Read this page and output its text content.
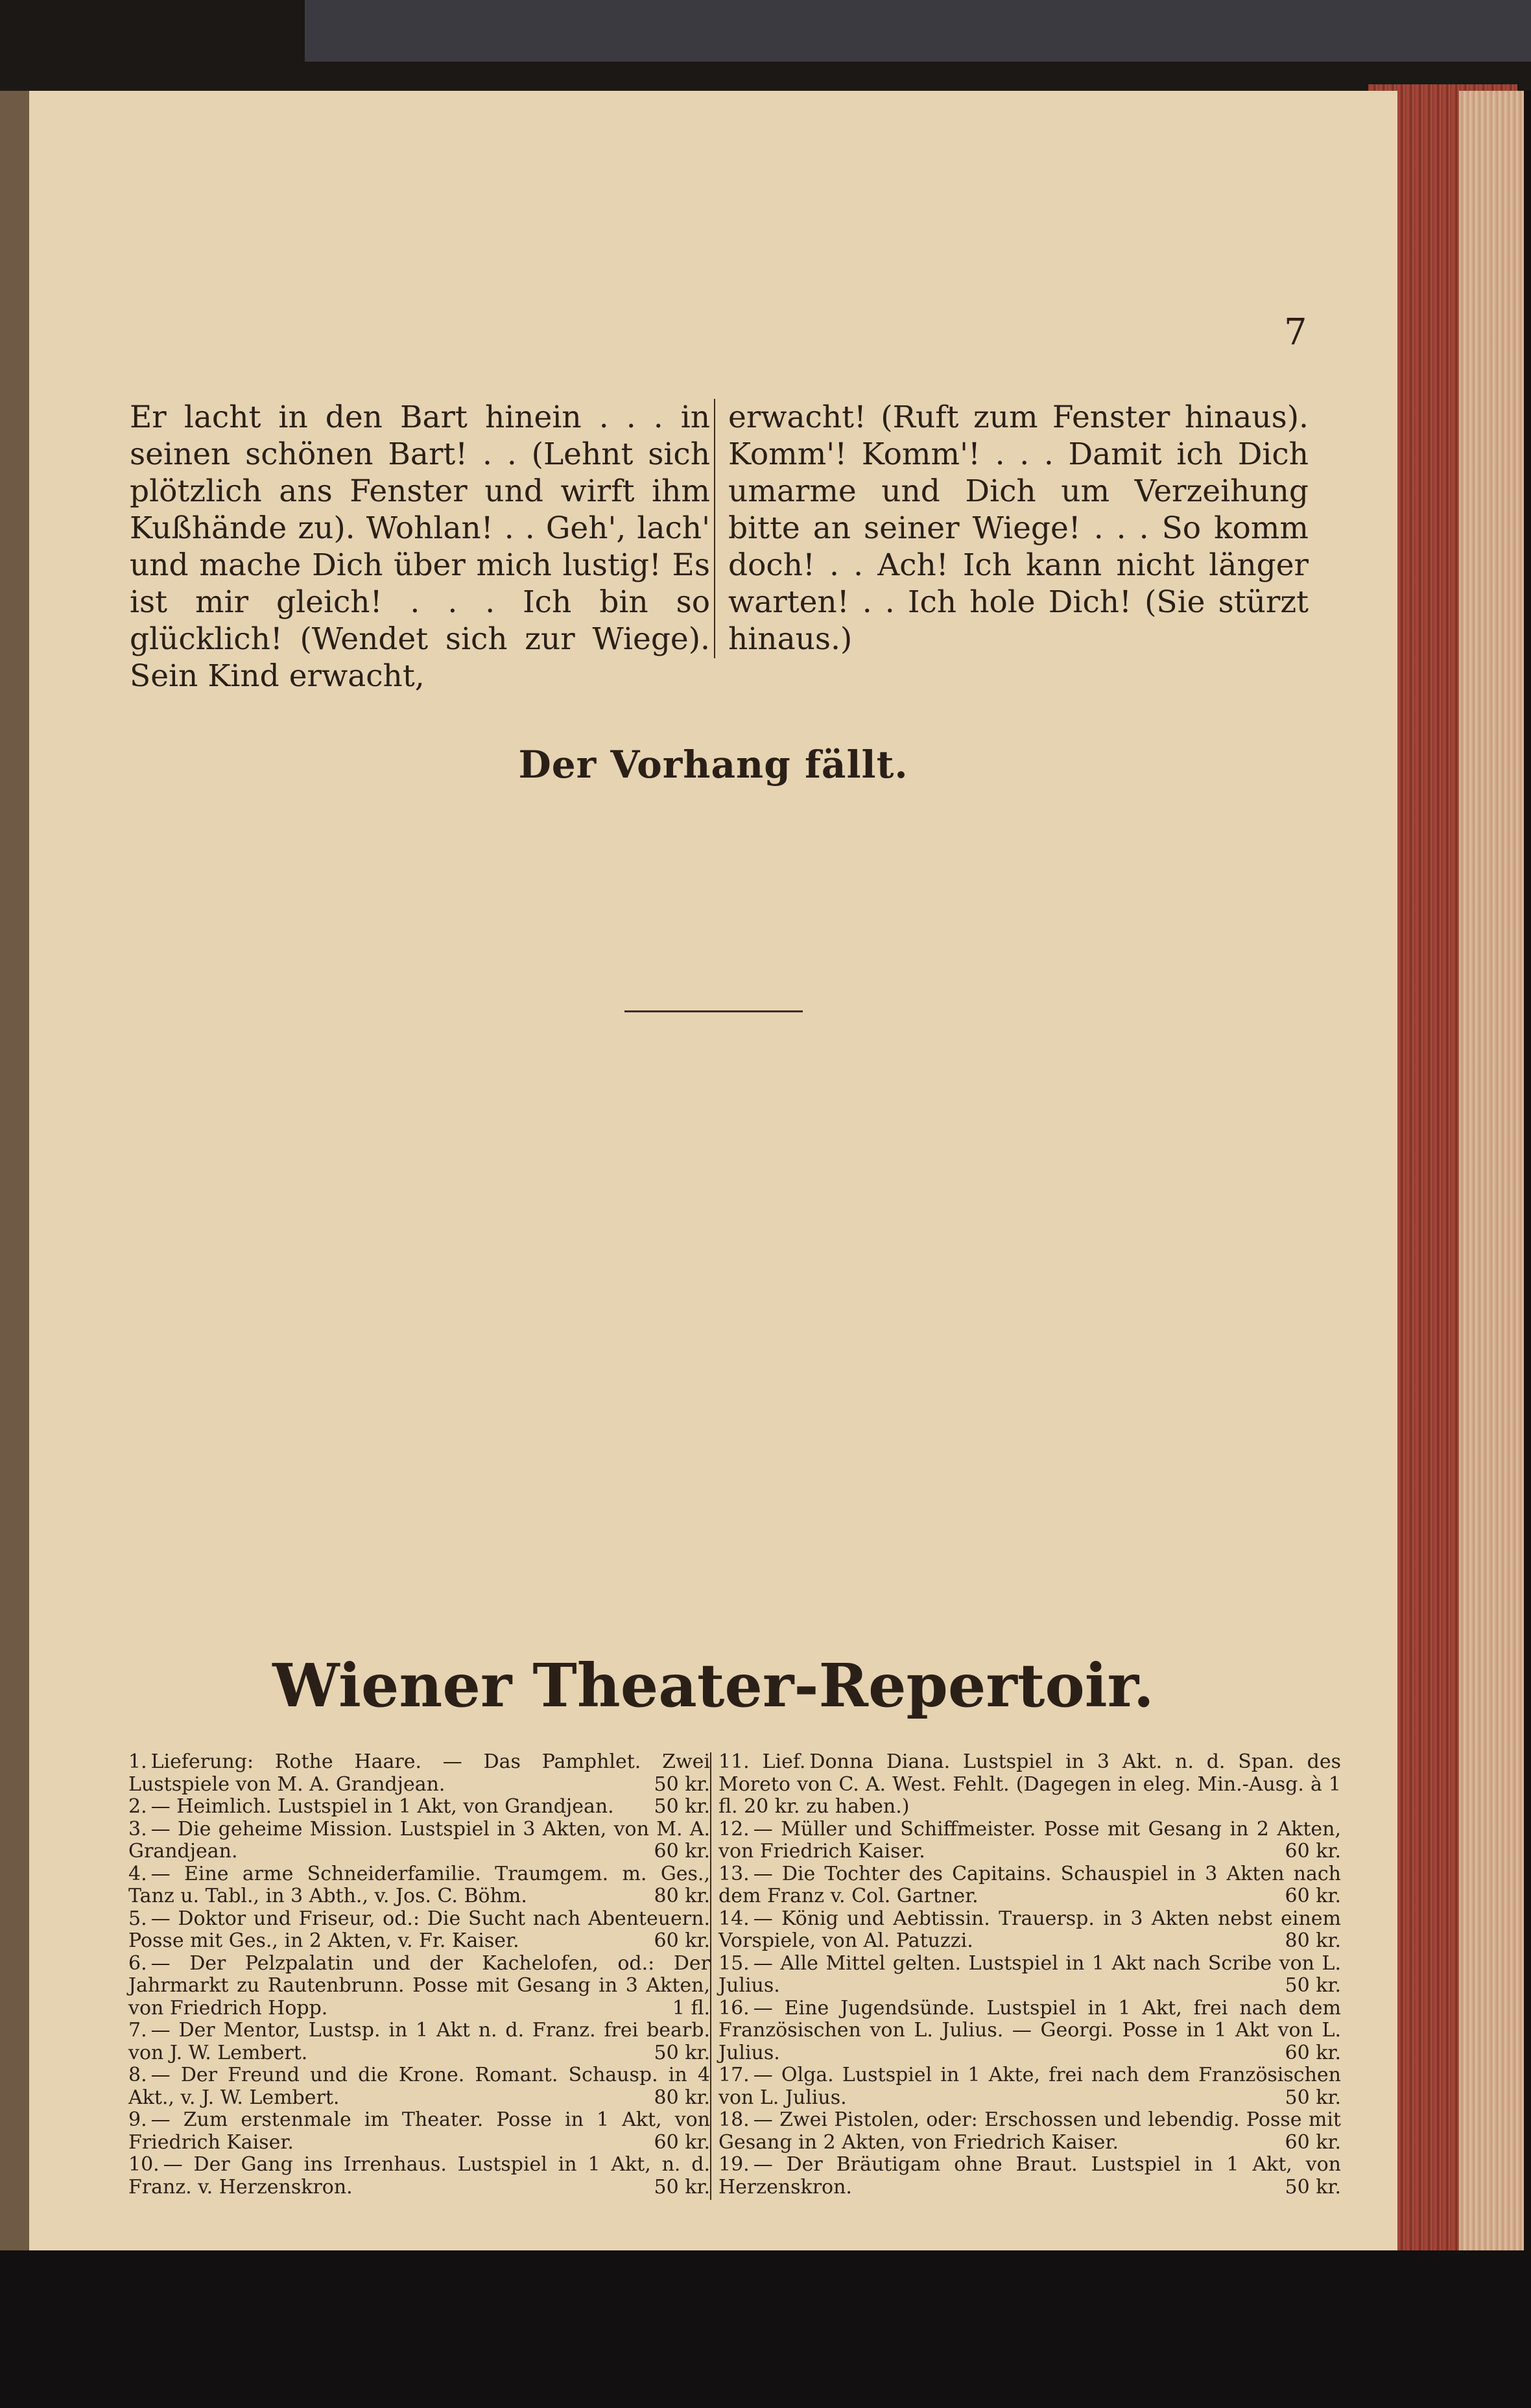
7
Er lacht in den Bart hinein . . . in seinen schönen Bart! . . (Lehnt sich plötzlich ans Fenster und wirft ihm Kußhände zu). Wohlan! . . Geh', lach' und mache Dich über mich lustig! Es ist mir gleich! . . . Ich bin so glücklich! (Wendet sich zur Wiege). Sein Kind erwacht,
erwacht! (Ruft zum Fenster hinaus). Komm'! Komm'! . . . Damit ich Dich umarme und Dich um Verzeihung bitte an seiner Wiege! . . . So komm doch! . . Ach! Ich kann nicht länger warten! . . Ich hole Dich! (Sie stürzt hinaus.)
Der Vorhang fällt.
Wiener Theater-Repertoir.
1. Lieferung: Rothe Haare. — Das Pamphlet. Zwei Lustspiele von M. A. Grandjean.	50 kr.
2. — Heimlich. Lustspiel in 1 Akt, von Grandjean. 50 kr.
3. — Die geheime Mission. Lustspiel in 3 Akten, von M. A. Grandjean.	60 kr.
4. — Eine arme Schneiderfamilie. Traumgem. m. Ges., Tanz u. Tabl., in 3 Abth., v. Jos. C. Böhm.	80 kr.
5. — Doktor und Friseur, od.: Die Sucht nach Abenteuern. Posse mit Ges., in 2 Akten, v. Fr. Kaiser.	60 kr.
6. — Der Pelzpalatin und der Kachelofen, od.: Der Jahrmarkt zu Rautenbrunn. Posse mit Gesang in 3 Akten, von Friedrich Hopp.	1 fl.
7. — Der Mentor, Lustsp. in 1 Akt n. d. Franz. frei bearb. von J. W. Lembert.	50 kr.
8. — Der Freund und die Krone. Romant. Schausp. in 4 Akt., v. J. W. Lembert.	80 kr.
9. — Zum erstenmale im Theater. Posse in 1 Akt, von Friedrich Kaiser.	60 kr.
10. — Der Gang ins Irrenhaus. Lustspiel in 1 Akt, n. d. Franz. v. Herzenskron.	50 kr.
11. Lief. Donna Diana. Lustspiel in 3 Akt. n. d. Span. des Moreto von C. A. West. Fehlt. (Dagegen in eleg. Min.-Ausg. à 1 fl. 20 kr. zu haben.)
12. — Müller und Schiffmeister. Posse mit Gesang in 2 Akten, von Friedrich Kaiser.	60 kr.
13. — Die Tochter des Capitains. Schauspiel in 3 Akten nach dem Franz v. Col. Gartner.	60 kr.
14. — König und Aebtissin. Trauersp. in 3 Akten nebst einem Vorspiele, von Al. Patuzzi.	80 kr.
15. — Alle Mittel gelten. Lustspiel in 1 Akt nach Scribe von L. Julius.	50 kr.
16. — Eine Jugendsünde. Lustspiel in 1 Akt, frei nach dem Französischen von L. Julius. — Georgi. Posse in 1 Akt von L. Julius.	60 kr.
17. — Olga. Lustspiel in 1 Akte, frei nach dem Französischen von L. Julius.	50 kr.
18. — Zwei Pistolen, oder: Erschossen und lebendig. Posse mit Gesang in 2 Akten, von Friedrich Kaiser.	60 kr.
19. — Der Bräutigam ohne Braut. Lustspiel in 1 Akt, von Herzenskron.	50 kr.
